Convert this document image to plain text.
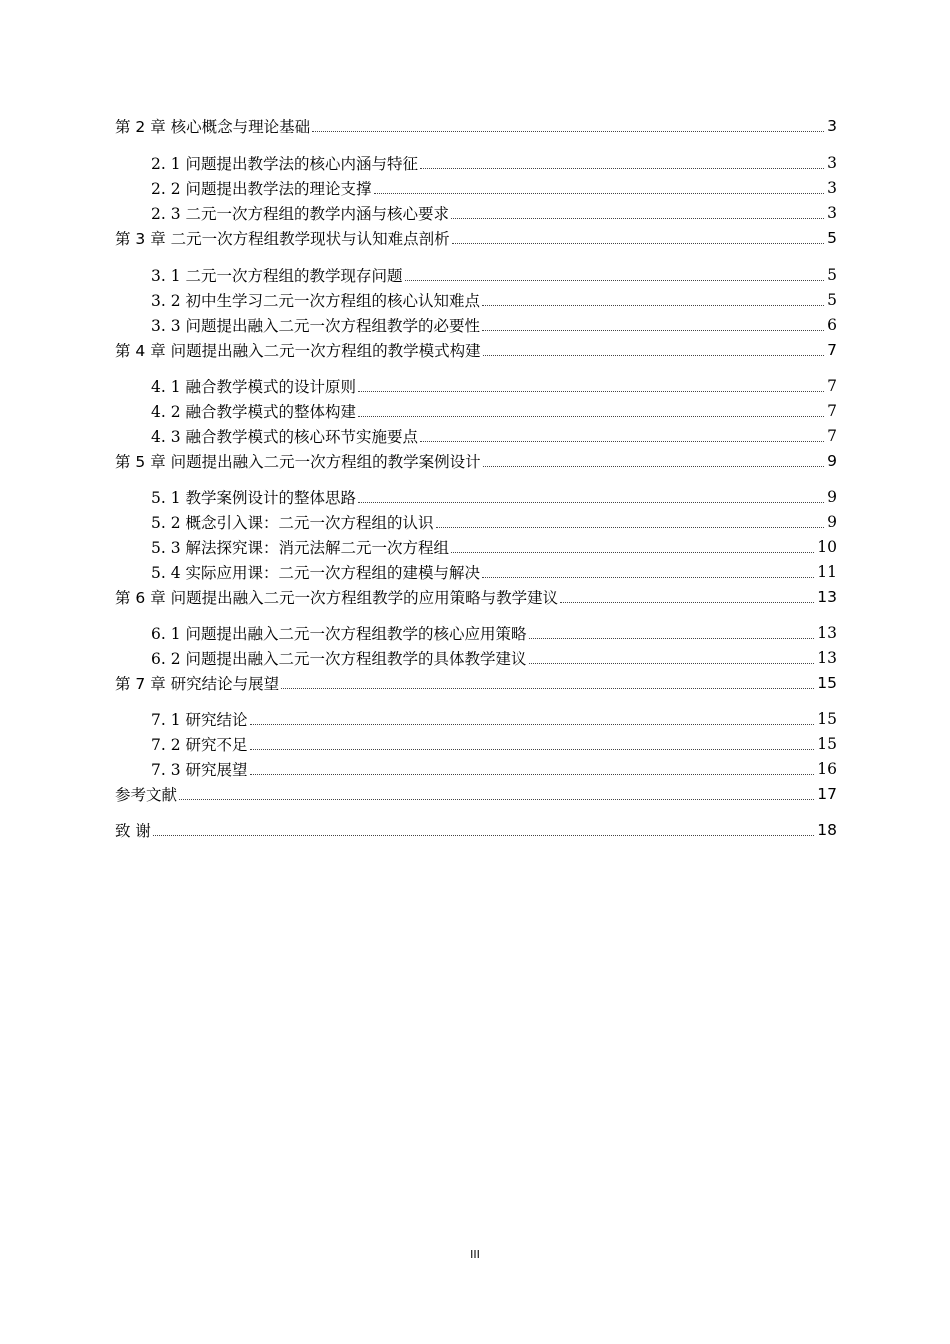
第 2 章 核心概念与理论基础	3
2. 1 问题提出教学法的核心内涵与特征	3
2. 2 问题提出教学法的理论支撑	3
2. 3 二元一次方程组的教学内涵与核心要求	3
第 3 章 二元一次方程组教学现状与认知难点剖析	5
3. 1 二元一次方程组的教学现存问题	5
3. 2 初中生学习二元一次方程组的核心认知难点	5
3. 3 问题提出融入二元一次方程组教学的必要性	6
第 4 章 问题提出融入二元一次方程组的教学模式构建	7
4. 1 融合教学模式的设计原则	7
4. 2 融合教学模式的整体构建	7
4. 3 融合教学模式的核心环节实施要点	7
第 5 章 问题提出融入二元一次方程组的教学案例设计	9
5. 1 教学案例设计的整体思路	9
5. 2 概念引入课：二元一次方程组的认识	9
5. 3 解法探究课：消元法解二元一次方程组	10
5. 4 实际应用课：二元一次方程组的建模与解决	11
第 6 章 问题提出融入二元一次方程组教学的应用策略与教学建议	13
6. 1 问题提出融入二元一次方程组教学的核心应用策略	13
6. 2 问题提出融入二元一次方程组教学的具体教学建议	13
第 7 章 研究结论与展望	15
7. 1 研究结论	15
7. 2 研究不足	15
7. 3 研究展望	16
参考文献	17
致 谢	18
III
